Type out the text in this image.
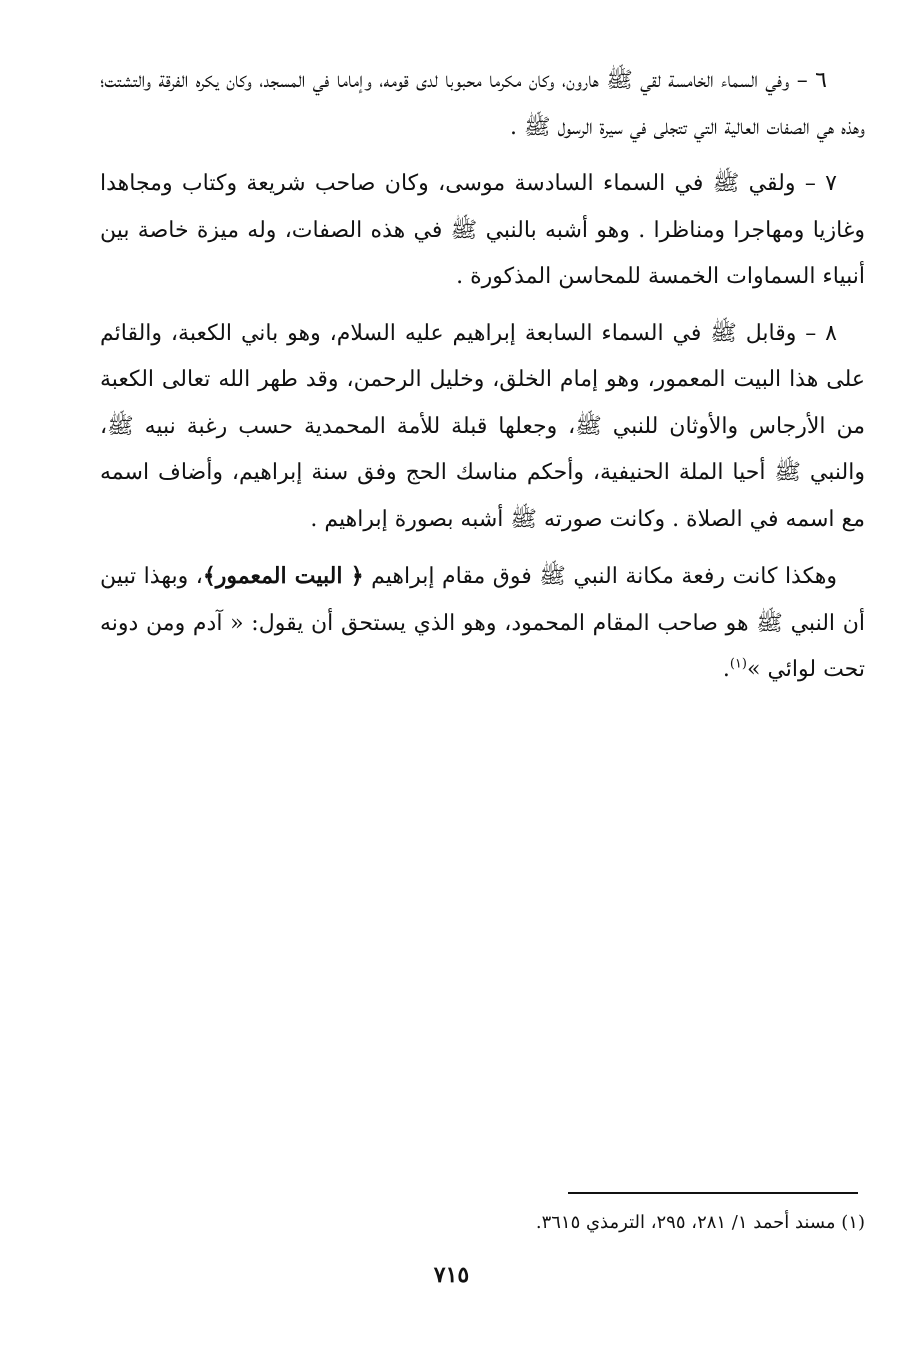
٦ – وفي السماء الخامسة لقي ﷺ هارون، وكان مكرما محبوبا لدى قومه، وإماما في المسجد، وكان يكره الفرقة والتشتت؛ وهذه هي الصفات العالية التي تتجلى في سيرة الرسول ﷺ .

٧ – ولقي ﷺ في السماء السادسة موسى، وكان صاحب شريعة وكتاب ومجاهدا وغازيا ومهاجرا ومناظرا . وهو أشبه بالنبي ﷺ في هذه الصفات، وله ميزة خاصة بين أنبياء السماوات الخمسة للمحاسن المذكورة .

٨ – وقابل ﷺ في السماء السابعة إبراهيم عليه السلام، وهو باني الكعبة، والقائم على هذا البيت المعمور، وهو إمام الخلق، وخليل الرحمن، وقد طهر الله تعالى الكعبة من الأرجاس والأوثان للنبي ﷺ، وجعلها قبلة للأمة المحمدية حسب رغبة نبيه ﷺ، والنبي ﷺ أحيا الملة الحنيفية، وأحكم مناسك الحج وفق سنة إبراهيم، وأضاف اسمه مع اسمه في الصلاة . وكانت صورته ﷺ أشبه بصورة إبراهيم .

وهكذا كانت رفعة مكانة النبي ﷺ فوق مقام إبراهيم ﴿ البيت المعمور﴾، وبهذا تبين أن النبي ﷺ هو صاحب المقام المحمود، وهو الذي يستحق أن يقول: « آدم ومن دونه تحت لوائي »$^{(١)}$.

(١) مسند أحمد ١/ ٢٨١، ٢٩٥، الترمذي ٣٦١٥.
٧١٥
